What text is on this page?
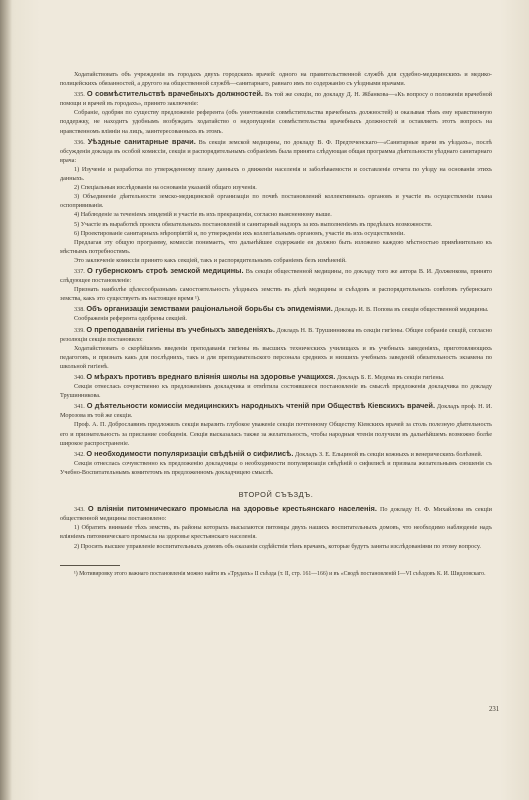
Ходатайствовать объ учрежденiи въ городахъ двухъ городскихъ врачей: одного на правительственной службѣ для судебно-медицинскихъ и медико-полицейскихъ обязанностей, а другого на общественной службѣ—санитарнаго, равнаго имъ по содержанiю съ уѣздными врачами.

335. О совмѣстительствѣ врачебныхъ должностей. Въ той же секцiи, по докладу Д. Н. Жбанкова—«Къ вопросу о положенiи врачебной помощи и врачей въ городахъ», принято заключенiе:

Собранiе, одобряя по существу предложенiе референта (объ уничтоженiи совмѣстительства врачебныхъ должностей) и оказывая тѣмъ ему нравственную поддержку, не находитъ удобнымъ возбуждать ходатайство о недопущенiи совмѣстительства врачебныхъ должностей и оставляетъ этотъ вопросъ на нравственномъ влiянiи на лицъ, заинтересованныхъ въ этомъ.

336. Уѣздные санитарные врачи. Въ секцiи земской медицины, по докладу В. Ф. Предтеченскаго—«Санитарные врачи въ уѣздахъ», послѣ обсужденiя доклада въ особой комиссiи, секцiи и распорядительнымъ собранiемъ была принята слѣдующая общая программа дѣятельности уѣзднаго санитарнаго врача:

1) Изученiе и разработка по утвержденному плану данныхъ о движенiи населенiя и заболѣваемости и составленiе отчета по уѣзду на основанiи этихъ данныхъ.

2) Спецiальныя изслѣдованiя на основанiи указанiй общаго изученiя.

3) Объединенiе дѣятельности земско-медицинской организацiи по почвѣ постановлений коллективныхъ органовъ и участiе въ осуществленiи плана оспопрививанiя.

4) Наблюденiе за теченiемъ эпидемiй и участiе въ ихъ прекращенiи, согласно выясненному выше.

5) Участiе въ выработкѣ проекта обязательныхъ постановленiй и санитарный надзоръ за ихъ выполненiемъ въ предѣлахъ возможности.

6) Проектированiе санитарныхъ мѣропрiятiй и, по утвержденiи ихъ коллегiальнымъ органомъ, участiе въ ихъ осуществленiи.

Предлагая эту общую программу, комиссiя понимаетъ, что дальнѣйшее содержанiе ея должно быть изложено каждою мѣстностью примѣнительно къ мѣстнымъ потребностямъ.

Это заключенiе комиссiи принято какъ секцiей, такъ и распорядительнымъ собранiемъ безъ измѣненiй.

337. О губернскомъ строѣ земской медицины. Въ секцiи общественной медицины, по докладу того же автора В. И. Долженкова, принято слѣдующее постановленiе:

Признать наиболѣе цѣлесообразнымъ самостоятельность уѣздныхъ земствъ въ дѣлѣ медицины и съѣздовъ и распорядительныхъ совѣтовъ губернскаго земства, какъ это существуетъ въ настоящее время ¹).

338. Объ организацiи земствами рацiональной борьбы съ эпидемiями. Докладъ И. В. Попова въ секцiи общественной медицины.

Соображенiя референта одобрены секцiей.

339. О преподаванiи гигiены въ учебныхъ заведенiяхъ. Докладъ Н. В. Трушинникова въ секцiи гигiены. Общее собранiе секцiй, согласно резолюцiи секцiи постановило:

Ходатайствовать о скорѣйшемъ введенiи преподаванiя гигiены въ высшихъ техническихъ училищахъ и въ учебныхъ заведенiяхъ, приготовляющихъ педагоговъ, и признать какъ для послѣднихъ, такъ и для преподавательского персонала среднихъ и низшихъ учебныхъ заведенiй обязательность экзамена по школьной гигiенѣ.

340. О мѣрахъ противъ вреднаго влiянiя школы на здоровье учащихся. Докладъ Б. Е. Медема въ секцiи гигiены.

Секцiя отнеслась сочувственно къ предложенiямъ докладчика и отмѣтила состоявшееся постановленiе въ смыслѣ предложенiя докладчика по докладу Трушинникова.

341. О дѣятельности комиссiи медицинскихъ народныхъ чтенiй при Обществѣ Кiевскихъ врачей. Докладъ проф. Н. И. Морозова въ той же секцiи.

Проф. А. П. Доброславинъ предложилъ секцiи выразить глубокое уваженiе секцiи почтенному Обществу Кiевскихъ врачей за столь полезную дѣятельность его и признательность за прислание сообщенiя. Секцiя высказалась также за желательность, чтобы народныя чтенiя получили въ дальнѣйшемъ возможно болѣе широкое распространенiе.

342. О необходимости популяризацiи свѣдѣнiй о сифилисѣ. Докладъ З. Е. Ельциной въ секцiи кожныхъ и венерическихъ болѣзней.

Секцiя отнеслась сочувственно къ предложенiю докладчицы о необходимости популяризацiи свѣдѣнiй о сифилисѣ и призвала желательнымъ сношенiя съ Учебно-Воспитательнымъ комитетомъ въ предложенномъ докладчицею смыслѣ.

ВТОРОЙ СЪѢЗДЪ.

343. О влiянiи питомническаго промысла на здоровье крестьянскаго населенiя. По докладу Н. Ф. Михайлова въ секцiи общественной медицины постановлено:

1) Обратить вниманiе тѣхъ земствъ, въ районы которыхъ высылаются питомцы двухъ нашихъ воспитательныхъ домовъ, что необходимо наблюденiе надъ влiянiемъ питомническаго промысла на здоровье крестьянскаго населенiя.

2) Просить высшее управленiе воспитательныхъ домовъ объ оказанiи содѣйствiя тѣмъ врачамъ, которые будутъ заняты изслѣдованiями по этому вопросу.

¹) Мотивировку этого важнаго постановленiя можно найти въ «Трудахъ» II съѣзда (т. II, стр. 161—166) и въ «Сводѣ постановленiй I—VI съѣздовъ К. И. Шидловскаго.

231
